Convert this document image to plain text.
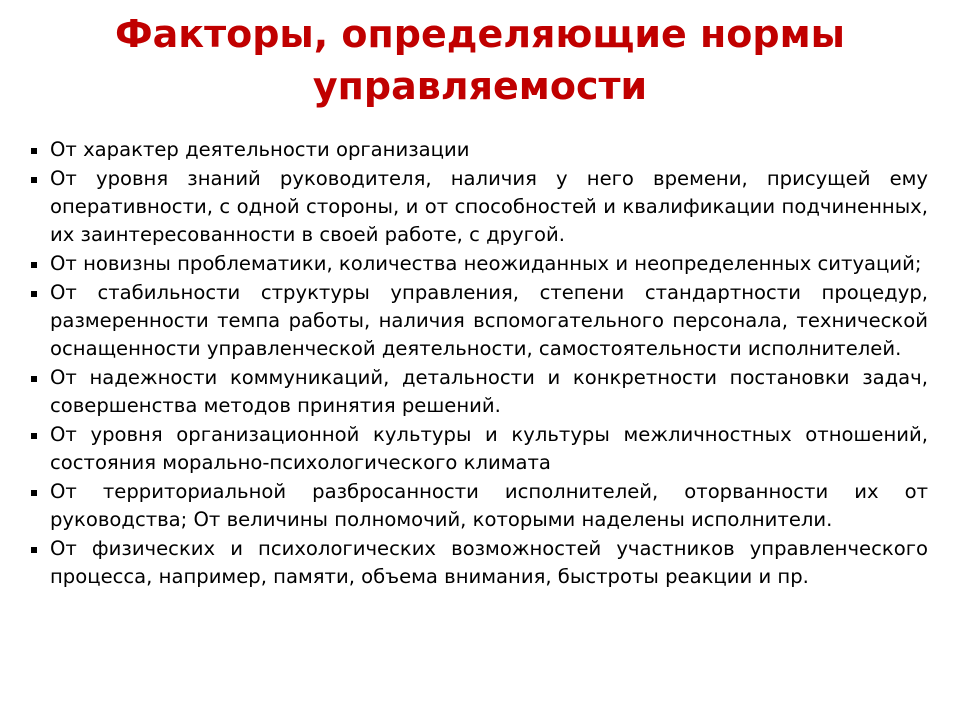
Факторы, определяющие нормы
управляемости
От характер деятельности организации
От уровня знаний руководителя, наличия у него времени, присущей ему оперативности, с одной стороны, и от способностей и квалификации подчиненных, их заинтересованности в своей работе, с другой.
От новизны проблематики, количества неожиданных и неопределенных ситуаций;
От стабильности структуры управления, степени стандартности процедур, размеренности темпа работы, наличия вспомогательного персонала, технической оснащенности управленческой деятельности, самостоятельности исполнителей.
От надежности коммуникаций, детальности и конкретности постановки задач, совершенства методов принятия решений.
От уровня организационной культуры и культуры межличностных отношений, состояния морально-психологического климата
От территориальной разбросанности исполнителей, оторванности их от руководства; От величины полномочий, которыми наделены исполнители.
От физических и психологических возможностей участников управленческого процесса, например, памяти, объема внимания, быстроты реакции и пр.
